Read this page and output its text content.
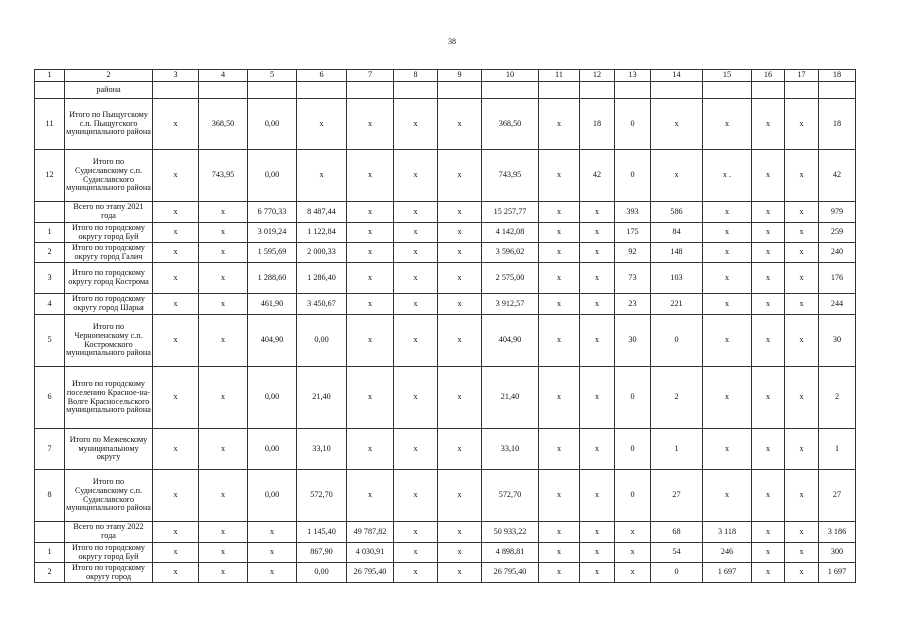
38
1	2	3	4	5	6	7	8	9	10	11	12	13	14	15	16	17	18
	района																
11	Итого по Пыщугскому с.п. Пыщугского муниципального района	х	368,50	0,00	х	х	х	х	368,50	х	18	0	х	х	х	х	18
12	Итого по Судиславскому с.п. Судиславского муниципального района	х	743,95	0,00	х	х	х	х	743,95	х	42	0	х	х .	х	х	42
	Всего по этапу 2021 года	х	х	6 770,33	8 487,44	х	х	х	15 257,77	х	х	393	586	х	х	х	979
1	Итого по городскому округу город Буй	х	х	3 019,24	1 122,84	х	х	х	4 142,08	х	х	175	84	х	х	х	259
2	Итого по городскому округу город Галич	х	х	1 595,69	2 000,33	х	х	х	3 596,02	х	х	92	148	х	х	х	240
3	Итого по городскому округу город Кострома	х	х	1 288,60	1 286,40	х	х	х	2 575,00	х	х	73	103	х	х	х	176
4	Итого по городскому округу город Шарья	х	х	461,90	3 450,67	х	х	х	3 912,57	х	х	23	221	х	х	х	244
5	Итого по Чернопенскому с.п. Костромского муниципального района	х	х	404,90	0,00	х	х	х	404,90	х	х	30	0	х	х	х	30
6	Итого по городскому поселению Красное-на-Волге Красносельского муниципального района	х	х	0,00	21,40	х	х	х	21,40	х	х	0	2	х	х	х	2
7	Итого по Межевскому муниципальному округу	х	х	0,00	33,10	х	х	х	33,10	х	х	0	1	х	х	х	1
8	Итого по Судиславскому с.п. Судиславского муниципального района	х	х	0,00	572,70	х	х	х	572,70	х	х	0	27	х	х	х	27
	Всего по этапу 2022 года	х	х	х	1 145,40	49 787,82	х	х	50 933,22	х	х	х	68	3 118	х	х	3 186
1	Итого по городскому округу город Буй	х	х	х	867,90	4 030,91	х	х	4 898,81	х	х	х	54	246	х	х	300
2	Итого по городскому округу город	х	х	х	0,00	26 795,40	х	х	26 795,40	х	х	х	0	1 697	х	х	1 697
